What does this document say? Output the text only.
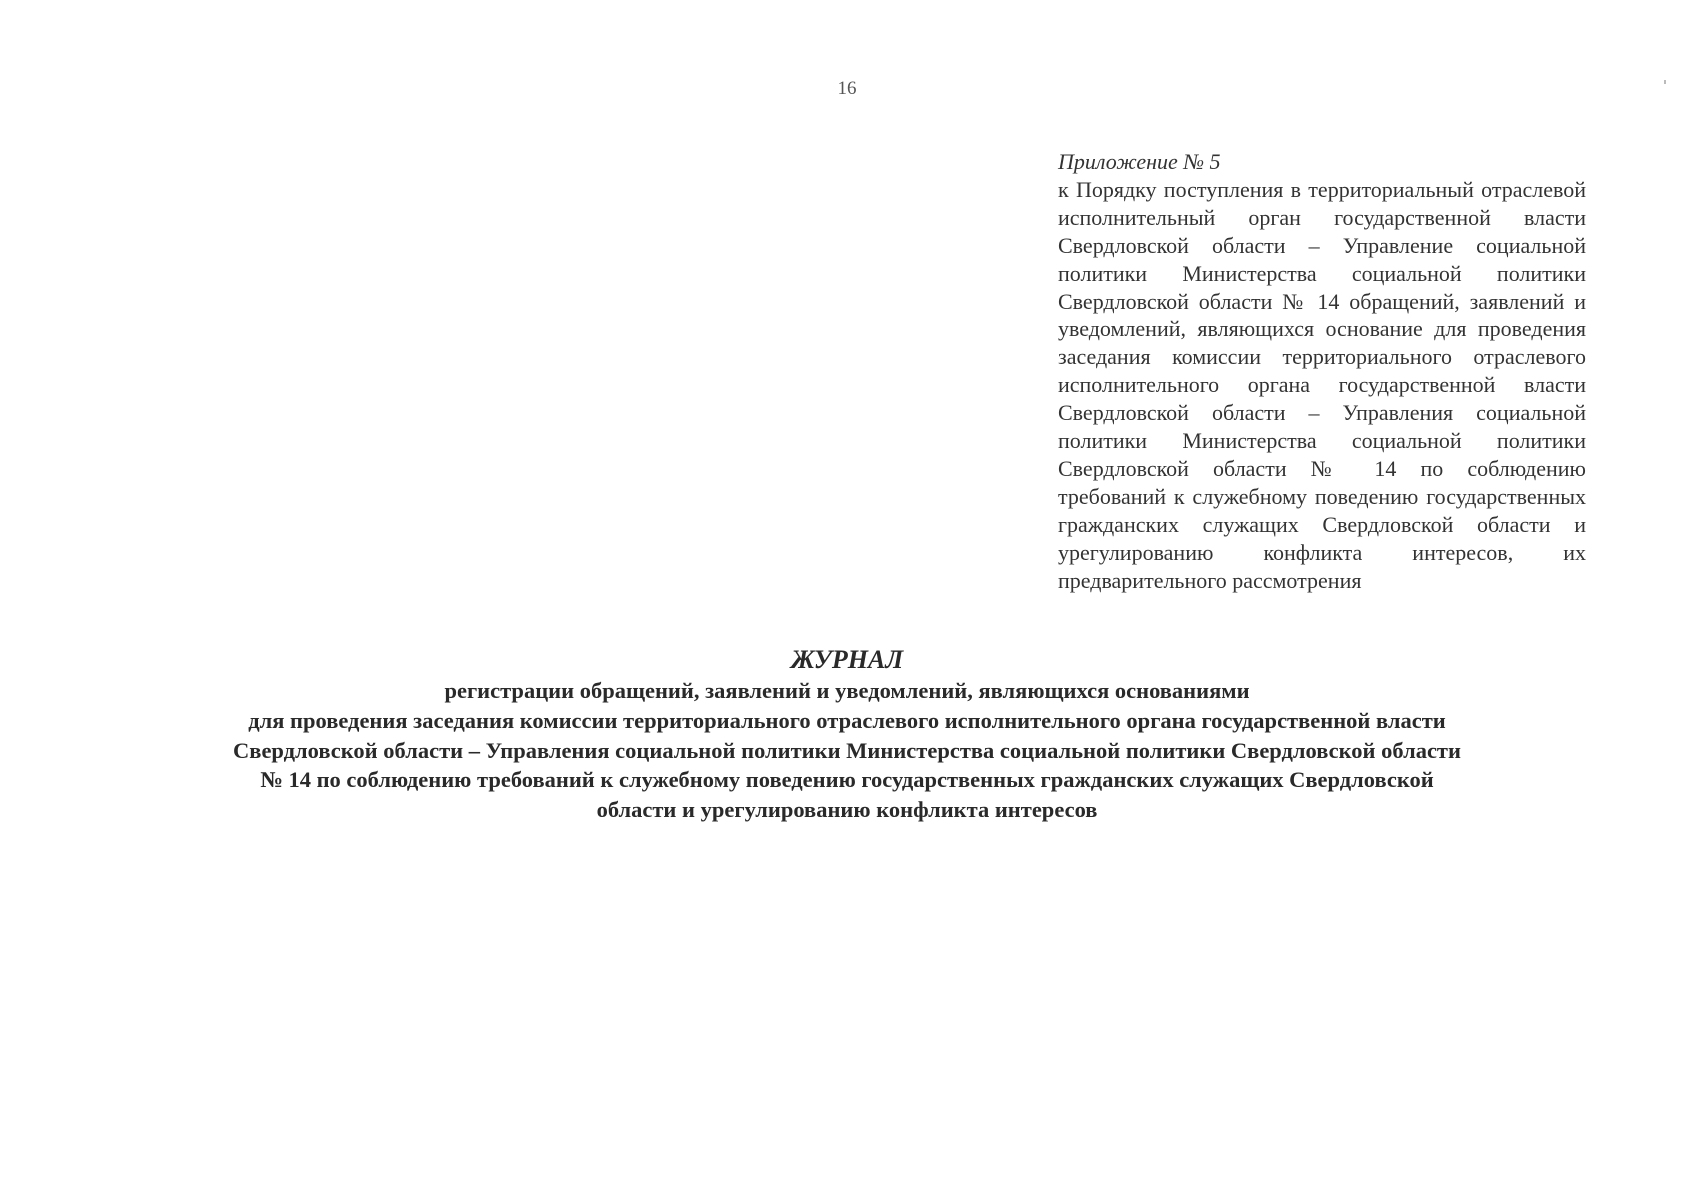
16
Приложение № 5
к Порядку поступления в территориальный отраслевой исполнительный орган государственной власти Свердловской области – Управление социальной политики Министерства социальной политики Свердловской области № 14 обращений, заявлений и уведомлений, являющихся основание для проведения заседания комиссии территориального отраслевого исполнительного органа государственной власти Свердловской области – Управления социальной политики Министерства социальной политики Свердловской области № 14 по соблюдению требований к служебному поведению государственных гражданских служащих Свердловской области и урегулированию конфликта интересов, их предварительного рассмотрения
ЖУРНАЛ
регистрации обращений, заявлений и уведомлений, являющихся основаниями
для проведения заседания комиссии территориального отраслевого исполнительного органа государственной власти
Свердловской области – Управления социальной политики Министерства социальной политики Свердловской области
№ 14 по соблюдению требований к служебному поведению государственных гражданских служащих Свердловской
области и урегулированию конфликта интересов
